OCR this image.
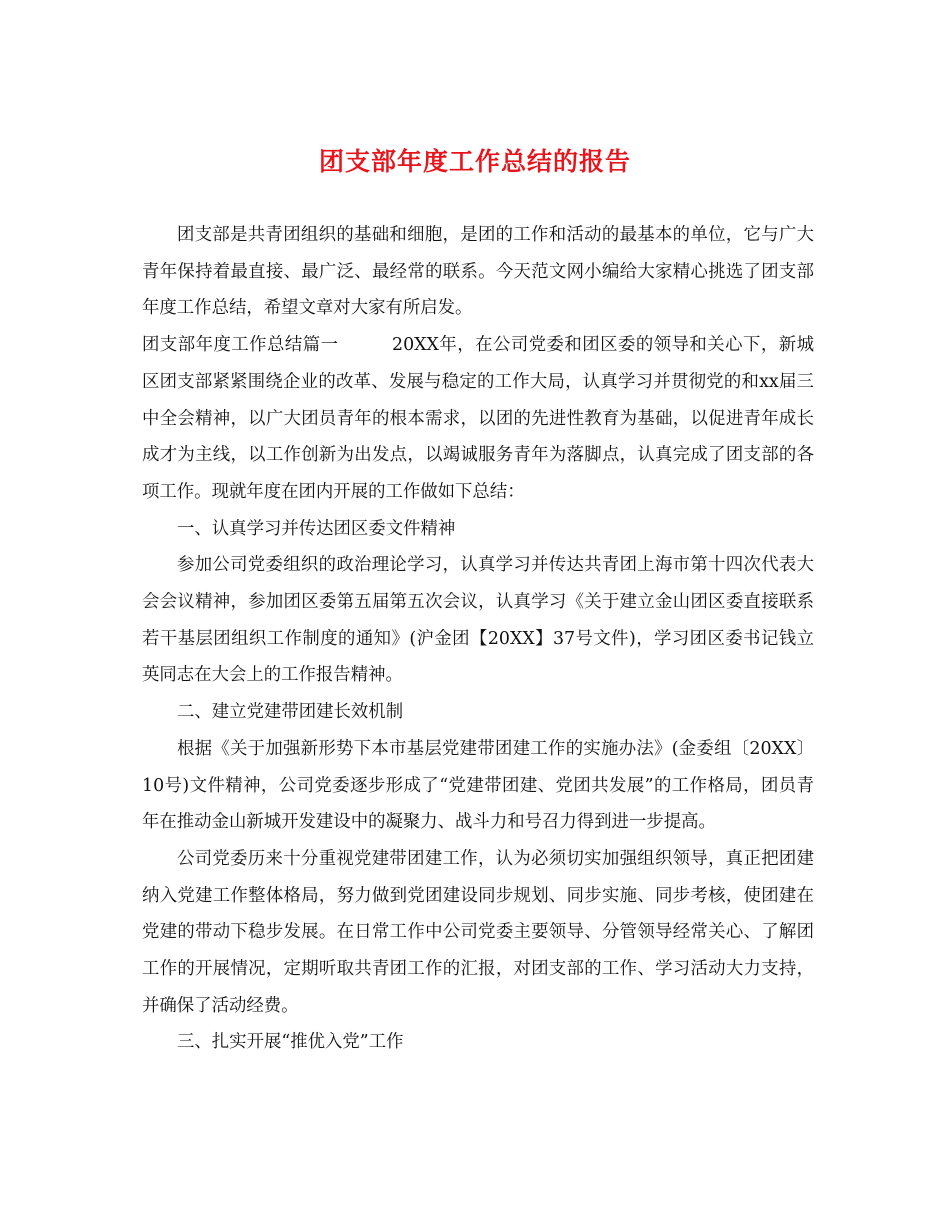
团支部年度工作总结的报告

团支部是共青团组织的基础和细胞，是团的工作和活动的最基本的单位，它与广大青年保持着最直接、最广泛、最经常的联系。今天范文网小编给大家精心挑选了团支部年度工作总结，希望文章对大家有所启发。

团支部年度工作总结篇一　　　20XX年，在公司党委和团区委的领导和关心下，新城区团支部紧紧围绕企业的改革、发展与稳定的工作大局，认真学习并贯彻党的和xx届三中全会精神，以广大团员青年的根本需求，以团的先进性教育为基础，以促进青年成长成才为主线，以工作创新为出发点，以竭诚服务青年为落脚点，认真完成了团支部的各项工作。现就年度在团内开展的工作做如下总结：

一、认真学习并传达团区委文件精神

参加公司党委组织的政治理论学习，认真学习并传达共青团上海市第十四次代表大会会议精神，参加团区委第五届第五次会议，认真学习《关于建立金山团区委直接联系若干基层团组织工作制度的通知》(沪金团【20XX】37号文件)，学习团区委书记钱立英同志在大会上的工作报告精神。

二、建立党建带团建长效机制

根据《关于加强新形势下本市基层党建带团建工作的实施办法》(金委组〔20XX〕10号)文件精神，公司党委逐步形成了“党建带团建、党团共发展”的工作格局，团员青年在推动金山新城开发建设中的凝聚力、战斗力和号召力得到进一步提高。

公司党委历来十分重视党建带团建工作，认为必须切实加强组织领导，真正把团建纳入党建工作整体格局，努力做到党团建设同步规划、同步实施、同步考核，使团建在党建的带动下稳步发展。在日常工作中公司党委主要领导、分管领导经常关心、了解团工作的开展情况，定期听取共青团工作的汇报，对团支部的工作、学习活动大力支持，并确保了活动经费。

三、扎实开展“推优入党”工作
